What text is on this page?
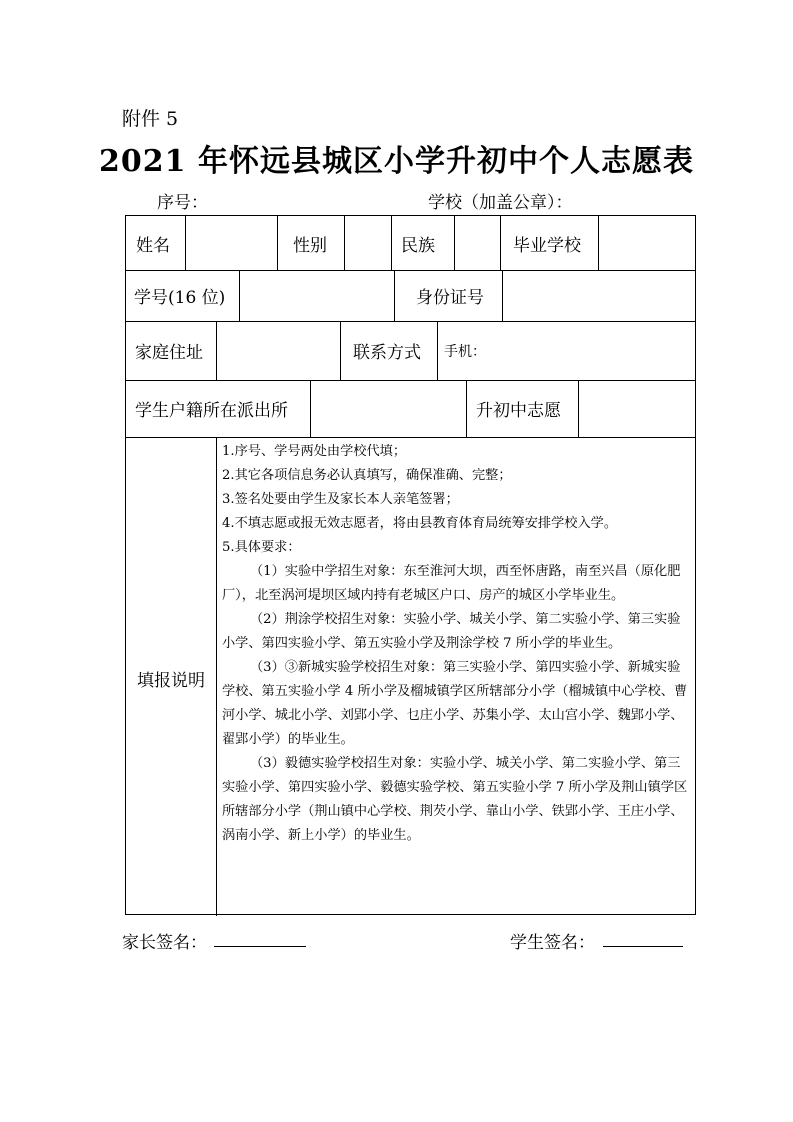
附件 5
2021 年怀远县城区小学升初中个人志愿表
序号：	学校（加盖公章）：
姓名	性别	民族	毕业学校
学号(16 位)	身份证号
家庭住址	联系方式 手机：
学生户籍所在派出所	升初中志愿
填报说明

1.序号、学号两处由学校代填；

2.其它各项信息务必认真填写，确保准确、完整；

3.签名处要由学生及家长本人亲笔签署；

4.不填志愿或报无效志愿者，将由县教育体育局统筹安排学校入学。

5.具体要求：

（1）实验中学招生对象：东至淮河大坝，西至怀唐路，南至兴昌（原化肥厂），北至涡河堤坝区域内持有老城区户口、房产的城区小学毕业生。

（2）荆涂学校招生对象：实验小学、城关小学、第二实验小学、第三实验小学、第四实验小学、第五实验小学及荆涂学校 7 所小学的毕业生。

（3）③新城实验学校招生对象：第三实验小学、第四实验小学、新城实验学校、第五实验小学 4 所小学及榴城镇学区所辖部分小学（榴城镇中心学校、曹河小学、城北小学、刘郢小学、乜庄小学、苏集小学、太山宫小学、魏郢小学、翟郢小学）的毕业生。

（3）毅德实验学校招生对象：实验小学、城关小学、第二实验小学、第三实验小学、第四实验小学、毅德实验学校、第五实验小学 7 所小学及荆山镇学区所辖部分小学（荆山镇中心学校、荆芡小学、靠山小学、铁郢小学、王庄小学、涡南小学、新上小学）的毕业生。

家长签名：	学生签名：
